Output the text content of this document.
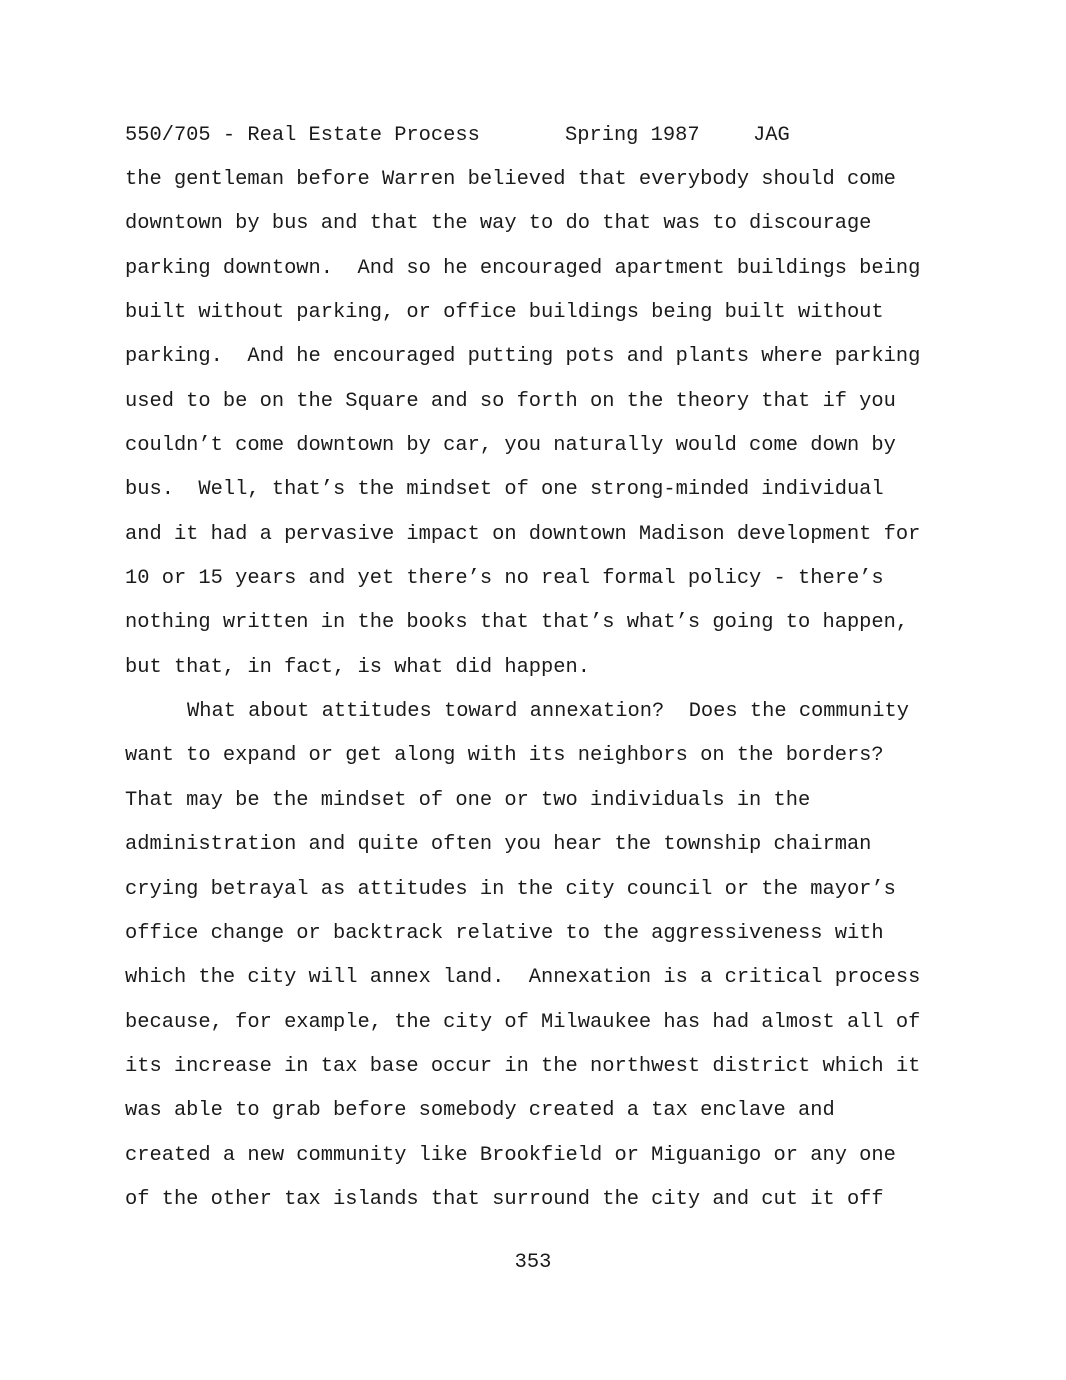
550/705 - Real Estate Process	Spring 1987	JAG
the gentleman before Warren believed that everybody should come
downtown by bus and that the way to do that was to discourage
parking downtown.  And so he encouraged apartment buildings being
built without parking, or office buildings being built without
parking.  And he encouraged putting pots and plants where parking
used to be on the Square and so forth on the theory that if you
couldn’t come downtown by car, you naturally would come down by
bus.  Well, that’s the mindset of one strong-minded individual
and it had a pervasive impact on downtown Madison development for
10 or 15 years and yet there’s no real formal policy - there’s
nothing written in the books that that’s what’s going to happen,
but that, in fact, is what did happen.
What about attitudes toward annexation?  Does the community
want to expand or get along with its neighbors on the borders?
That may be the mindset of one or two individuals in the
administration and quite often you hear the township chairman
crying betrayal as attitudes in the city council or the mayor’s
office change or backtrack relative to the aggressiveness with
which the city will annex land.  Annexation is a critical process
because, for example, the city of Milwaukee has had almost all of
its increase in tax base occur in the northwest district which it
was able to grab before somebody created a tax enclave and
created a new community like Brookfield or Miguanigo or any one
of the other tax islands that surround the city and cut it off
353
